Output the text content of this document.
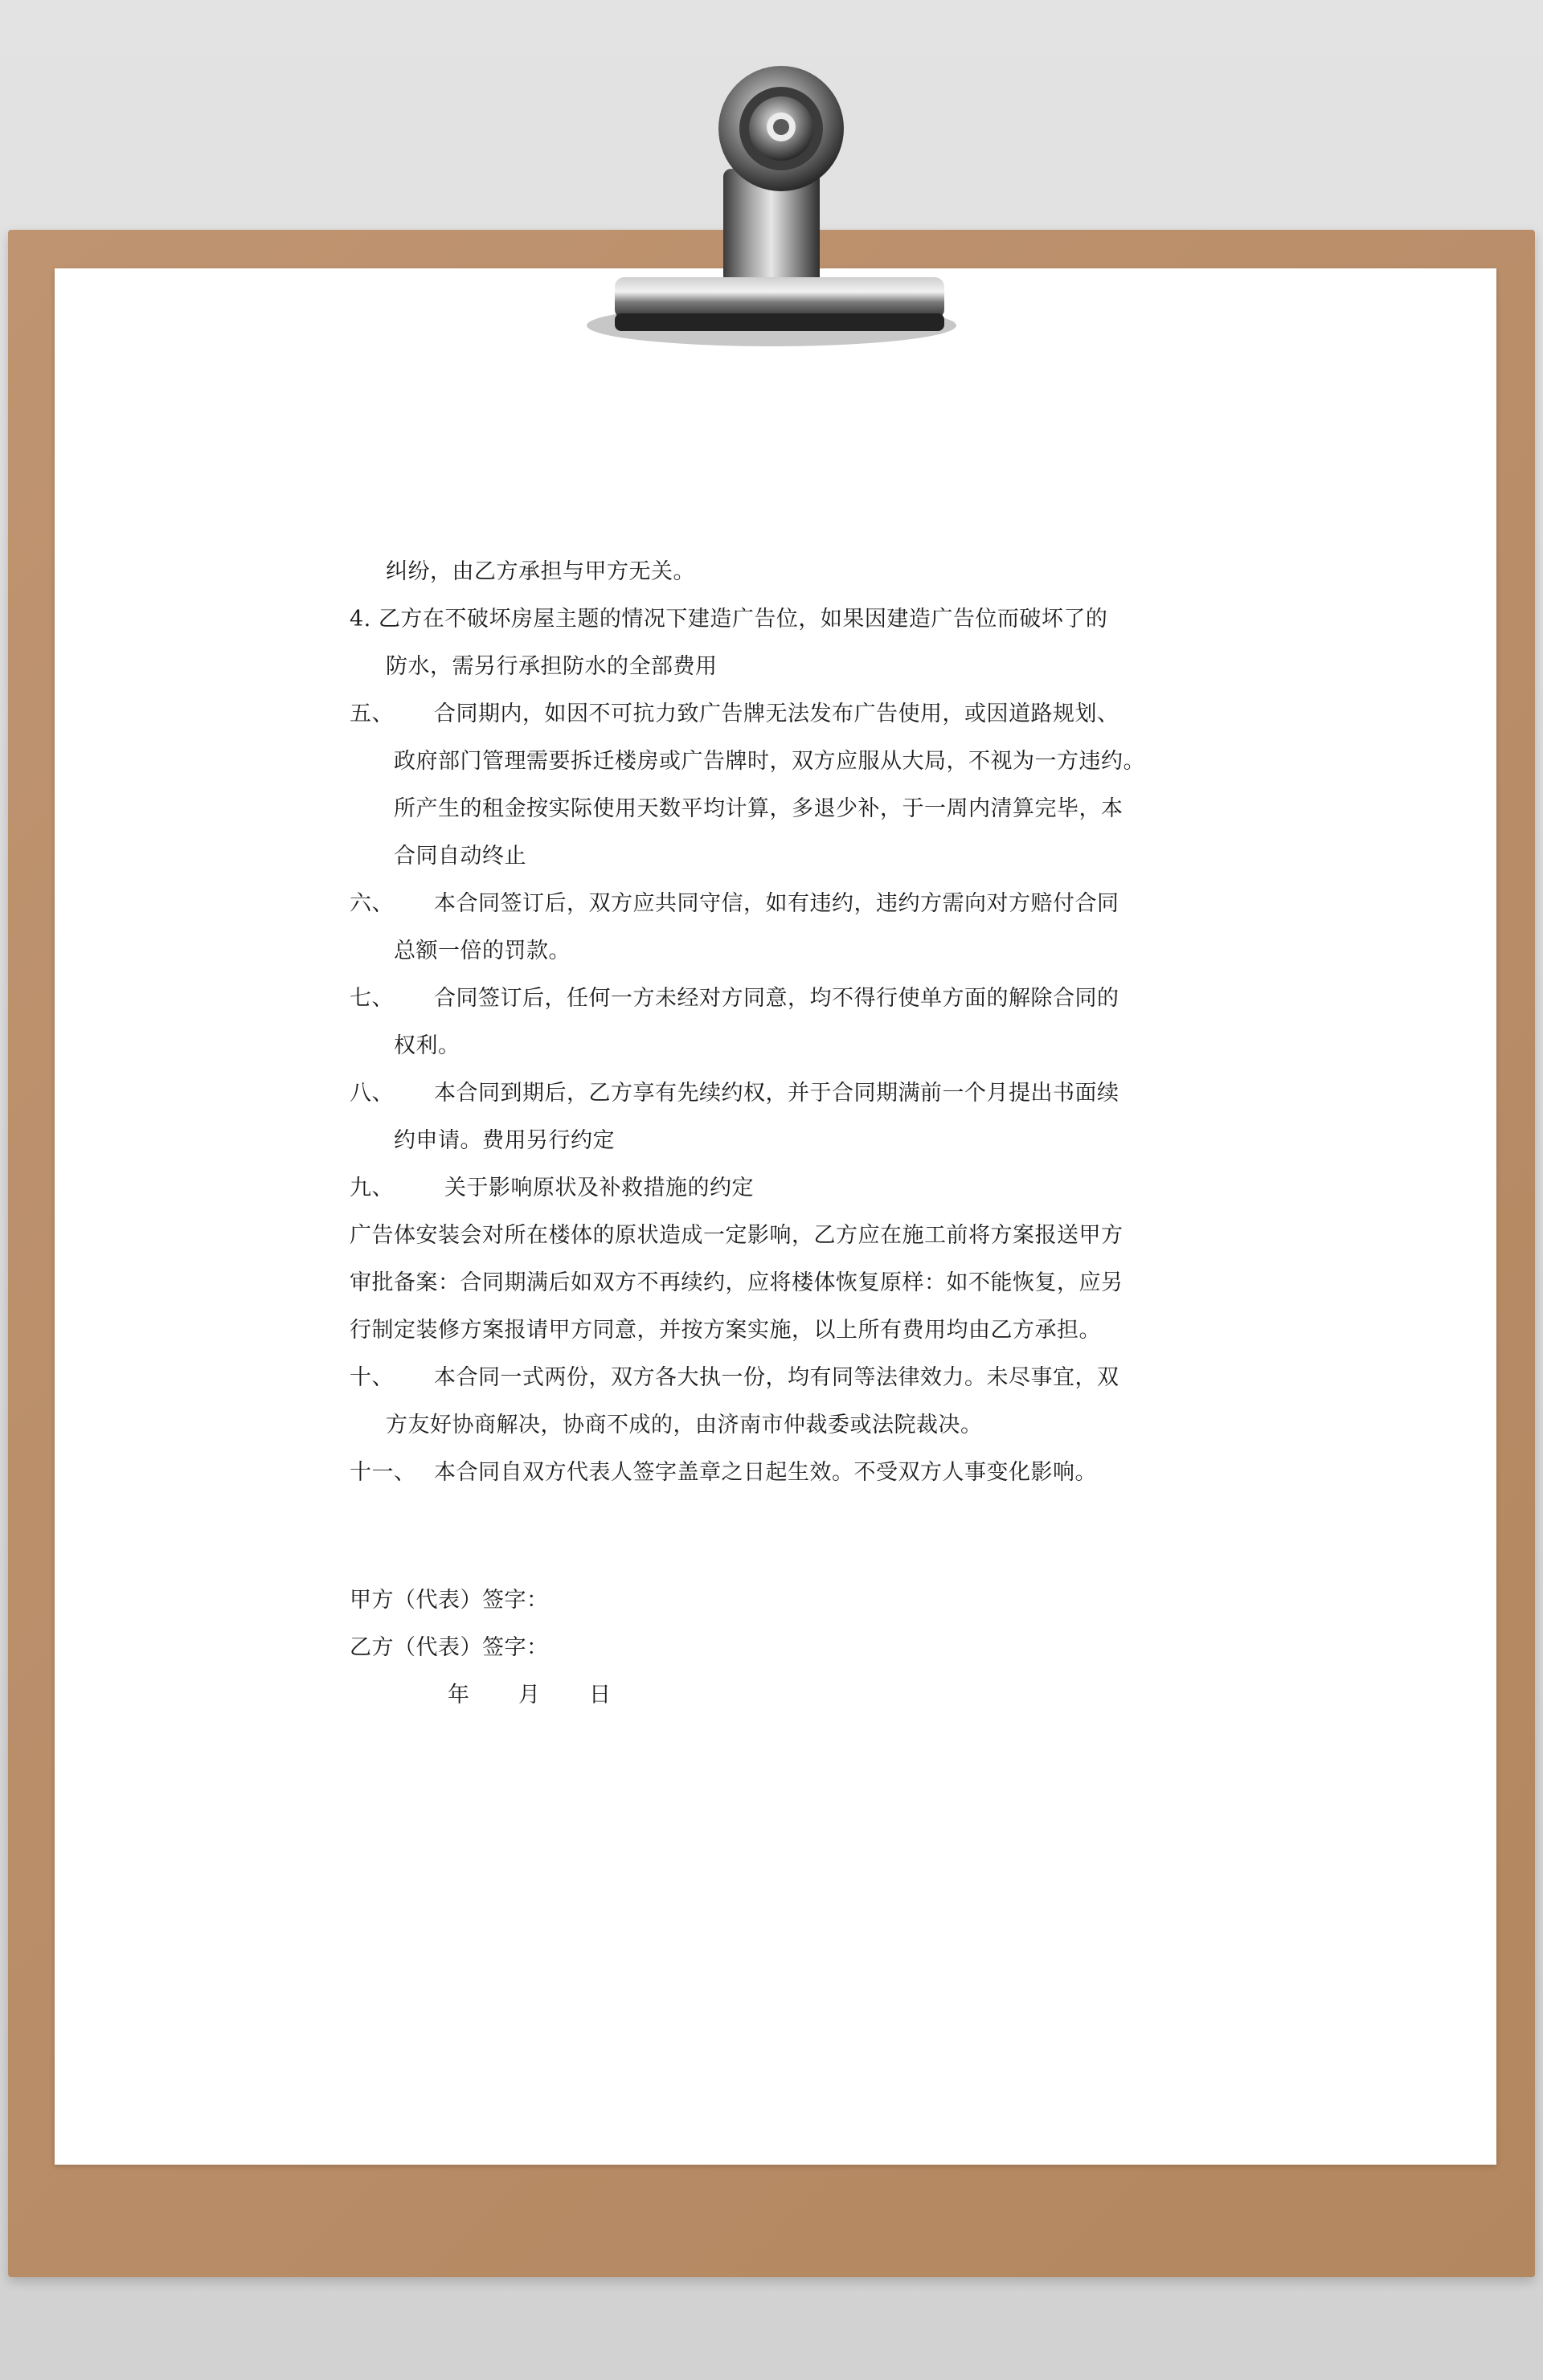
纠纷，由乙方承担与甲方无关。
4. 乙方在不破坏房屋主题的情况下建造广告位，如果因建造广告位而破坏了的
防水，需另行承担防水的全部费用
五、 合同期内，如因不可抗力致广告牌无法发布广告使用，或因道路规划、
政府部门管理需要拆迁楼房或广告牌时，双方应服从大局，不视为一方违约。
所产生的租金按实际使用天数平均计算，多退少补，于一周内清算完毕，本
合同自动终止
六、 本合同签订后，双方应共同守信，如有违约，违约方需向对方赔付合同
总额一倍的罚款。
七、 合同签订后，任何一方未经对方同意，均不得行使单方面的解除合同的
权利。
八、 本合同到期后，乙方享有先续约权，并于合同期满前一个月提出书面续
约申请。费用另行约定
九、 关于影响原状及补救措施的约定
广告体安装会对所在楼体的原状造成一定影响，乙方应在施工前将方案报送甲方
审批备案：合同期满后如双方不再续约，应将楼体恢复原样：如不能恢复，应另
行制定装修方案报请甲方同意，并按方案实施，以上所有费用均由乙方承担。
十、 本合同一式两份，双方各大执一份，均有同等法律效力。未尽事宜，双
方友好协商解决，协商不成的，由济南市仲裁委或法院裁决。
十一、 本合同自双方代表人签字盖章之日起生效。不受双方人事变化影响。
甲方（代表）签字：
乙方（代表）签字：
年 月 日
